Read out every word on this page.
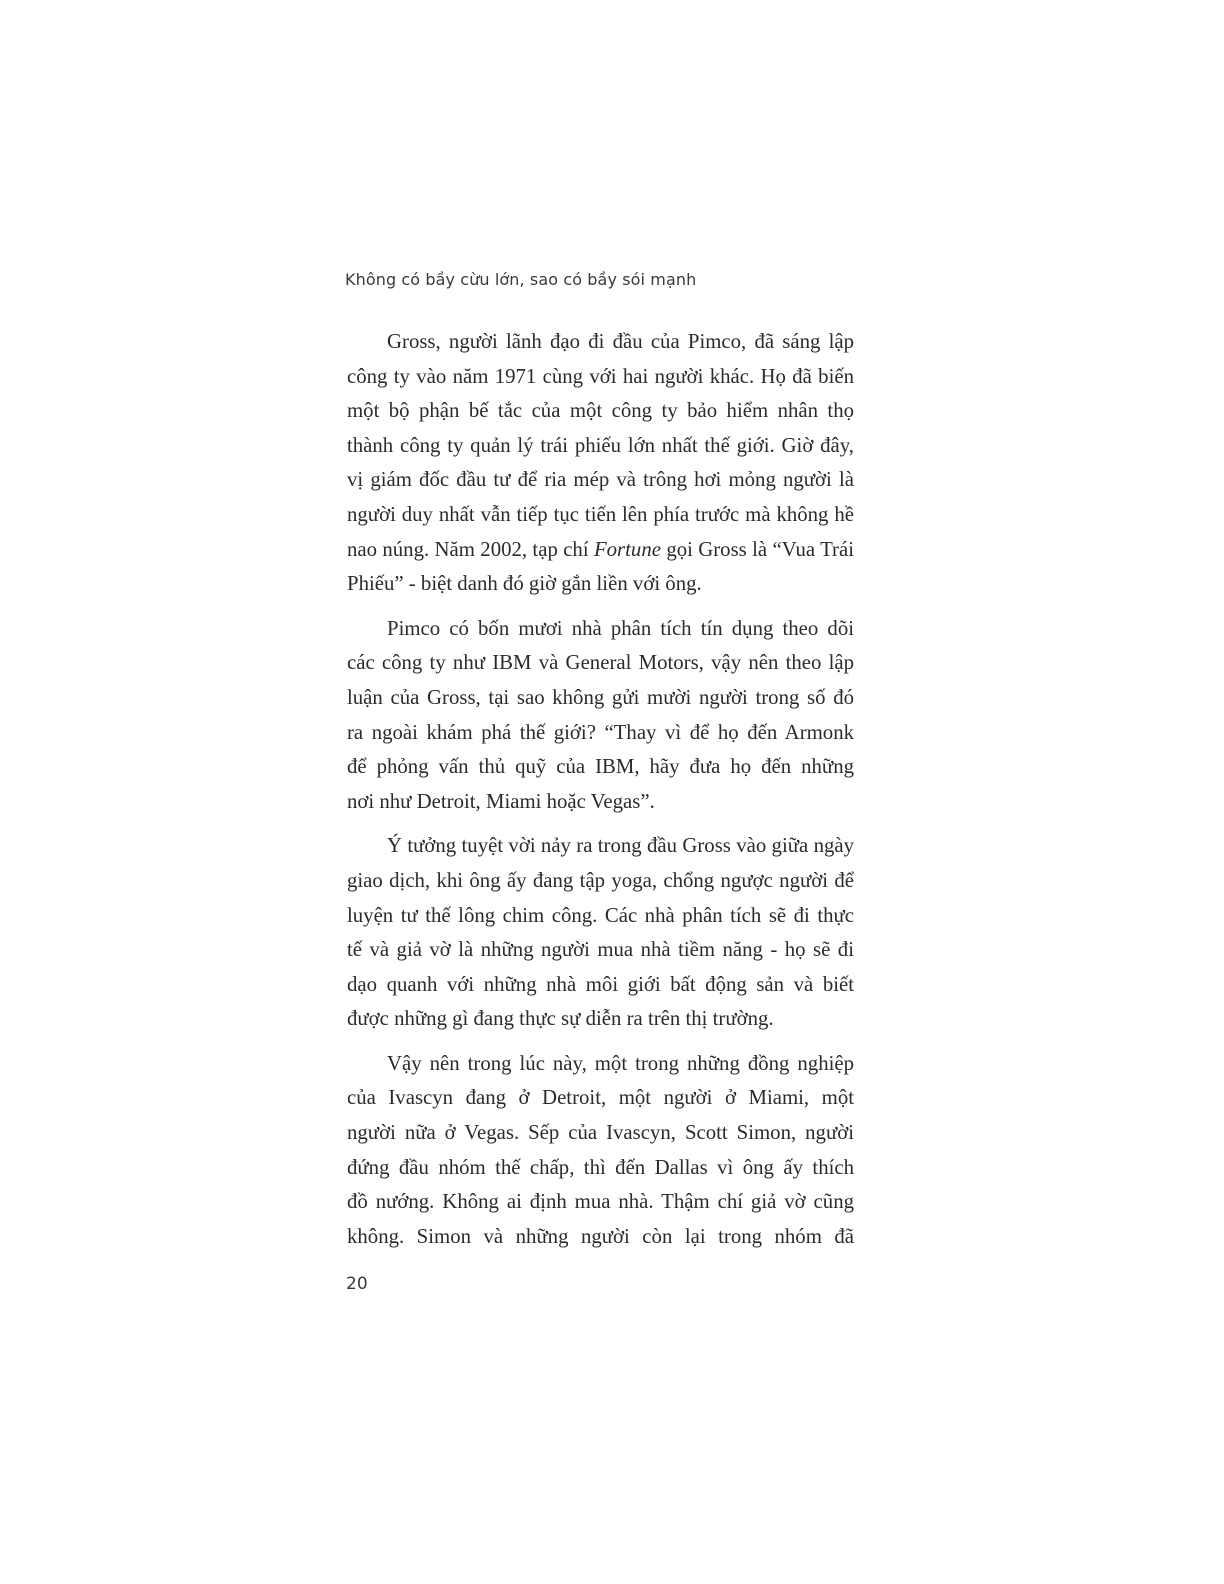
Không có bầy cừu lớn, sao có bầy sói mạnh
Gross, người lãnh đạo đi đầu của Pimco, đã sáng lập
công ty vào năm 1971 cùng với hai người khác. Họ đã biến
một bộ phận bế tắc của một công ty bảo hiểm nhân thọ
thành công ty quản lý trái phiếu lớn nhất thế giới. Giờ đây,
vị giám đốc đầu tư để ria mép và trông hơi mỏng người là
người duy nhất vẫn tiếp tục tiến lên phía trước mà không hề
nao núng. Năm 2002, tạp chí Fortune gọi Gross là “Vua Trái
Phiếu” - biệt danh đó giờ gắn liền với ông.
Pimco có bốn mươi nhà phân tích tín dụng theo dõi
các công ty như IBM và General Motors, vậy nên theo lập
luận của Gross, tại sao không gửi mười người trong số đó
ra ngoài khám phá thế giới? “Thay vì để họ đến Armonk
để phỏng vấn thủ quỹ của IBM, hãy đưa họ đến những
nơi như Detroit, Miami hoặc Vegas”.
Ý tưởng tuyệt vời nảy ra trong đầu Gross vào giữa ngày
giao dịch, khi ông ấy đang tập yoga, chổng ngược người để
luyện tư thế lông chim công. Các nhà phân tích sẽ đi thực
tế và giả vờ là những người mua nhà tiềm năng - họ sẽ đi
dạo quanh với những nhà môi giới bất động sản và biết
được những gì đang thực sự diễn ra trên thị trường.
Vậy nên trong lúc này, một trong những đồng nghiệp
của Ivascyn đang ở Detroit, một người ở Miami, một
người nữa ở Vegas. Sếp của Ivascyn, Scott Simon, người
đứng đầu nhóm thế chấp, thì đến Dallas vì ông ấy thích
đồ nướng. Không ai định mua nhà. Thậm chí giả vờ cũng
không. Simon và những người còn lại trong nhóm đã
20
